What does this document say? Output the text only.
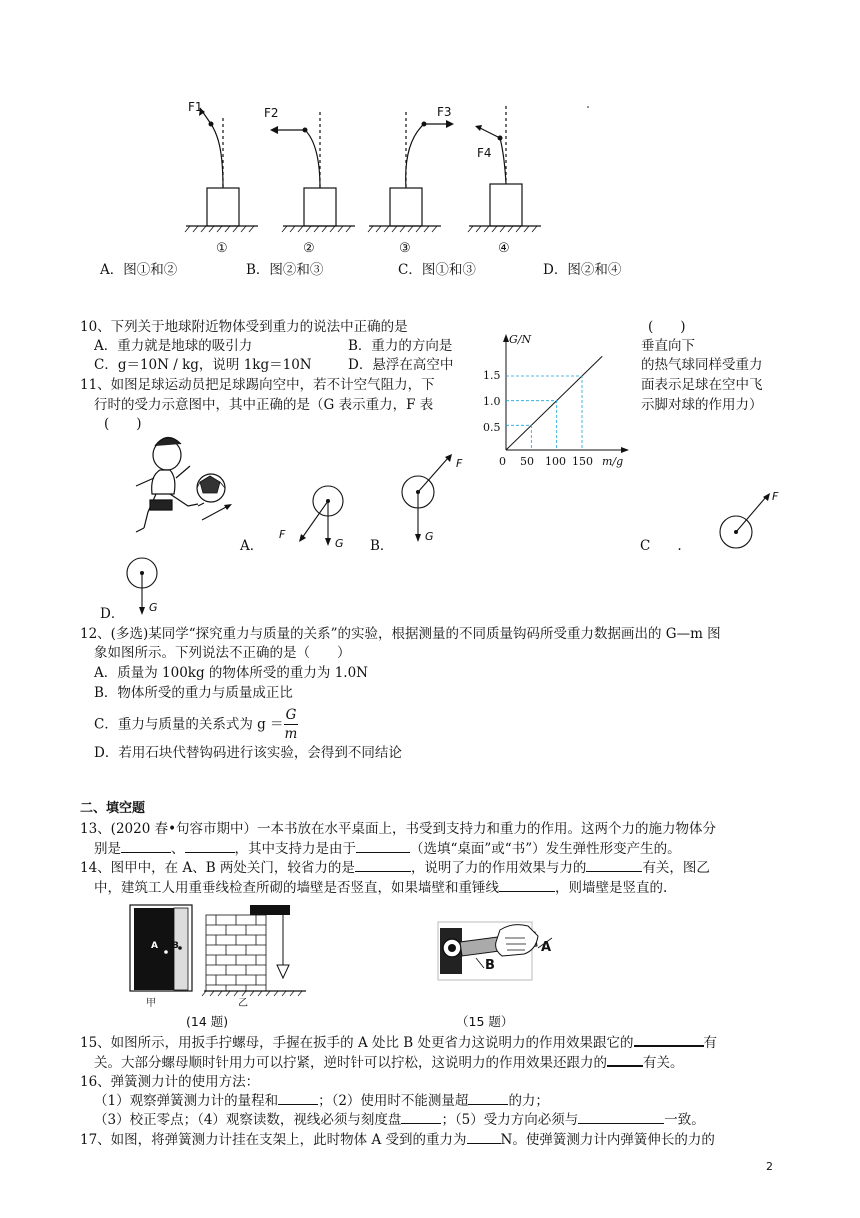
F1	F2	F3
F4
①	②	③	④
A．图①和②	B．图②和③	C．图①和③	D．图②和④
10、下列关于地球附近物体受到重力的说法中正确的是	(　　)
A．重力就是地球的吸引力	B．重力的方向是	垂直向下
C．g＝10N / kg，说明 1kg＝10N	D．悬浮在高空中	的热气球同样受重力
11、如图足球运动员把足球踢向空中，若不计空气阻力，下	面表示足球在空中飞
行时的受力示意图中，其中正确的是（G 表示重力，F 表	示脚对球的作用力）
(　　)
G/N
1.5
1.0
0.5
0 50 100 150 m/g
F
G
F
G
F
G
A．	B．	C　　.
D．
12、(多选)某同学“探究重力与质量的关系”的实验，根据测量的不同质量钩码所受重力数据画出的 G—m 图
象如图所示。下列说法不正确的是（　　）
A．质量为 100kg 的物体所受的重力为 1.0N
B．物体所受的重力与质量成正比
C．重力与质量的关系式为 $g = \frac{G}{m}$
D．若用石块代替钩码进行该实验，会得到不同结论
二、填空题
13、(2020 春•句容市期中）一本书放在水平桌面上，书受到支持力和重力的作用。这两个力的施力物体分
别是	、	，其中支持力是由于	（选填“桌面”或“书”）发生弹性形变产生的。
14、图甲中，在 A、B 两处关门，较省力的是	，说明了力的作用效果与力的	有关，图乙
中，建筑工人用重垂线检查所砌的墙壁是否竖直，如果墙壁和重锤线	，则墙壁是竖直的.
A B
甲	乙
(14 题)
A
B
（15 题）
15、如图所示，用扳手拧螺母，手握在扳手的 A 处比 B 处更省力这说明力的作用效果跟它的	有
关。大部分螺母顺时针用力可以拧紧，逆时针可以拧松，这说明力的作用效果还跟力的	有关。
16、弹簧测力计的使用方法：
（1）观察弹簧测力计的量程和	；（2）使用时不能测量超	的力；
（3）校正零点；（4）观察读数，视线必须与刻度盘	；（5）受力方向必须与	一致。
17、如图，将弹簧测力计挂在支架上，此时物体 A 受到的重力为	N。使弹簧测力计内弹簧伸长的力的
2
